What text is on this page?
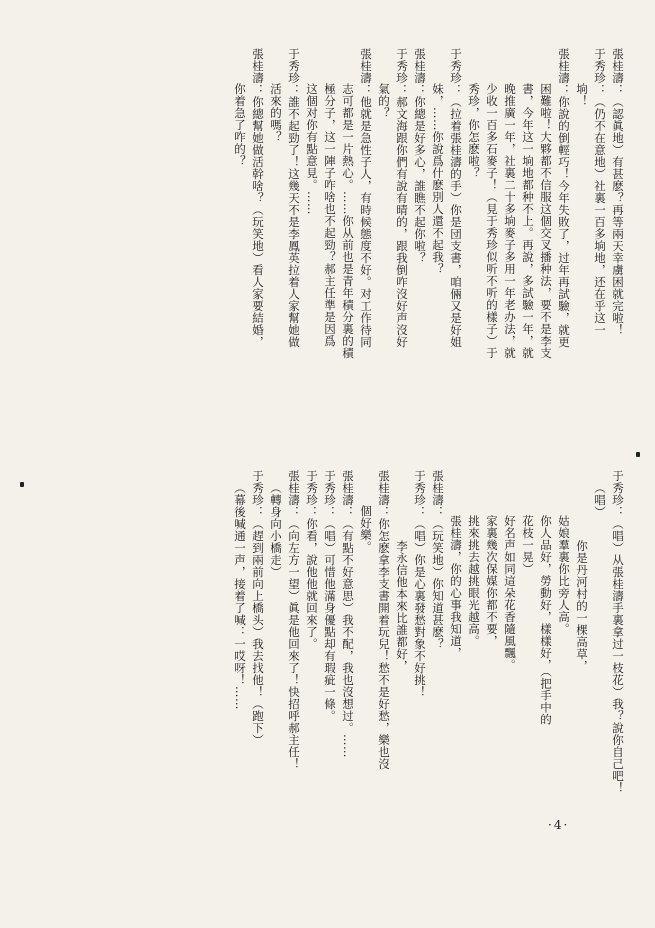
張桂濤：（認眞地）有甚麽？再等兩天幸虜困就完啦！
于秀珍：（仍不在意地）社裏一百多垧地，还在乎这一
垧！
張桂濤：你說的倒輕巧！今年失敗了，过年再試驗，就更
困難啦！大夥都不信服这個交叉播种法，要不是李支
書，今年这一垧地都种不上。再說，多試驗一年，就
晚推廣一年，社裏二十多垧麥子多用一年老办法，就
少收一百多石麥子！（見于秀珍似听不听的樣子）于
秀珍，你怎麽啦？
于秀珍：（拉着張桂濤的手）你是団支書，咱倆又是好姐
妹，……你說爲什麽別人還不起我？
張桂濤：你總是好多心，誰瞧不起你啦？
于秀珍：郝文海跟你們有說有晴的，跟我倒咋沒好声沒好
氣的？
張桂濤：他就是急性子人，有時候態度不好。对工作待同
志可都是一片熱心。……你从前也是青年積分裏的積
極分子，这一陣子咋啥也不起勁？郝主任準是因爲
这個对你有點意見。……
于秀珍：誰不起勁了！这幾天不是李鳳英拉着人家幫她做
活來的嗎？
張桂濤：你總幫她做活幹啥？（玩笑地）看人家要結婚，
你着急了咋的？
于秀珍：（唱）从張桂濤手裏拿过一枝花）我？說你自己吧！
（唱）
你是丹河村的一棵高草，
姑娘羣裏你比旁人高。
你人品好，勞動好，樣樣好，（把手中的
花枝一晃）
好名声如同這朵花香隨風飄。
家裏幾次保媒你都不要，
挑來挑去越挑眼光越高。
張桂濤，你的心事我知道，
張桂濤：（玩笑地）你知道甚麽？
于秀珍：（唱）你是心裏發愁對象不好挑！
李永信他本來比誰都好，
張桂濤：你怎麽拿李支書開着玩兒！愁不是好愁，樂也沒
個好樂。
張桂濤：（有點不好意思）我不配，我也沒想过。……
于秀珍：（唱）可惜他滿身優點却有瑕疵一條。
于秀珍：你看，說他他就回來了。
張桂濤：（向左方一望）眞是他回來了！快招呼郝主任！
（轉身向小橋走）
于秀珍：（趕到兩前向上橋头）我去找他！（跑下）
（幕後喊通一声，接着了喊：一哎呀！……
·4·
